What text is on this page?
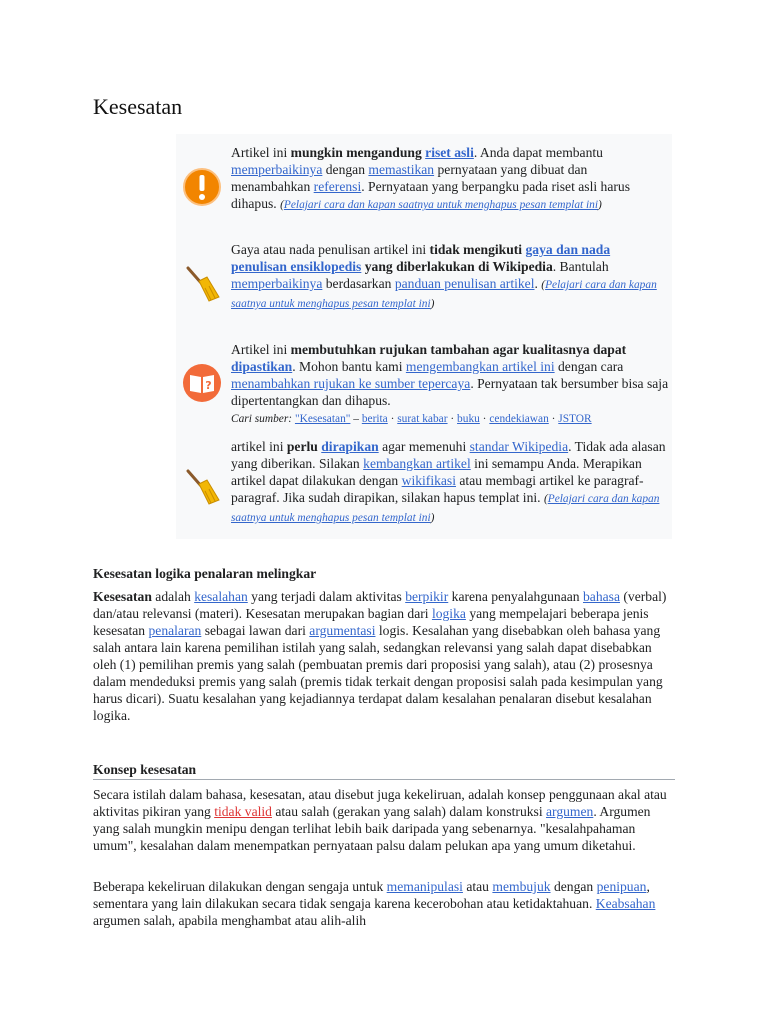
Kesesatan
Artikel ini mungkin mengandung riset asli. Anda dapat membantu memperbaikinya dengan memastikan pernyataan yang dibuat dan menambahkan referensi. Pernyataan yang berpangku pada riset asli harus dihapus. (Pelajari cara dan kapan saatnya untuk menghapus pesan templat ini)
Gaya atau nada penulisan artikel ini tidak mengikuti gaya dan nada penulisan ensiklopedis yang diberlakukan di Wikipedia. Bantulah memperbaikinya berdasarkan panduan penulisan artikel. (Pelajari cara dan kapan saatnya untuk menghapus pesan templat ini)
?
Artikel ini membutuhkan rujukan tambahan agar kualitasnya dapat dipastikan. Mohon bantu kami mengembangkan artikel ini dengan cara menambahkan rujukan ke sumber tepercaya. Pernyataan tak bersumber bisa saja dipertentangkan dan dihapus.
Cari sumber: "Kesesatan" – berita · surat kabar · buku · cendekiawan · JSTOR
artikel ini perlu dirapikan agar memenuhi standar Wikipedia. Tidak ada alasan yang diberikan. Silakan kembangkan artikel ini semampu Anda. Merapikan artikel dapat dilakukan dengan wikifikasi atau membagi artikel ke paragraf-paragraf. Jika sudah dirapikan, silakan hapus templat ini. (Pelajari cara dan kapan saatnya untuk menghapus pesan templat ini)
Kesesatan logika penalaran melingkar

Kesesatan adalah kesalahan yang terjadi dalam aktivitas berpikir karena penyalahgunaan bahasa (verbal) dan/atau relevansi (materi). Kesesatan merupakan bagian dari logika yang mempelajari beberapa jenis kesesatan penalaran sebagai lawan dari argumentasi logis. Kesalahan yang disebabkan oleh bahasa yang salah antara lain karena pemilihan istilah yang salah, sedangkan relevansi yang salah dapat disebabkan oleh (1) pemilihan premis yang salah (pembuatan premis dari proposisi yang salah), atau (2) prosesnya dalam mendeduksi premis yang salah (premis tidak terkait dengan proposisi salah pada kesimpulan yang harus dicari). Suatu kesalahan yang kejadiannya terdapat dalam kesalahan penalaran disebut kesalahan logika.

Konsep kesesatan

Secara istilah dalam bahasa, kesesatan, atau disebut juga kekeliruan, adalah konsep penggunaan akal atau aktivitas pikiran yang tidak valid atau salah (gerakan yang salah) dalam konstruksi argumen. Argumen yang salah mungkin menipu dengan terlihat lebih baik daripada yang sebenarnya. "kesalahpahaman umum", kesalahan dalam menempatkan pernyataan palsu dalam pelukan apa yang umum diketahui.

Beberapa kekeliruan dilakukan dengan sengaja untuk memanipulasi atau membujuk dengan penipuan, sementara yang lain dilakukan secara tidak sengaja karena kecerobohan atau ketidaktahuan. Keabsahan argumen salah, apabila menghambat atau alih-alih
